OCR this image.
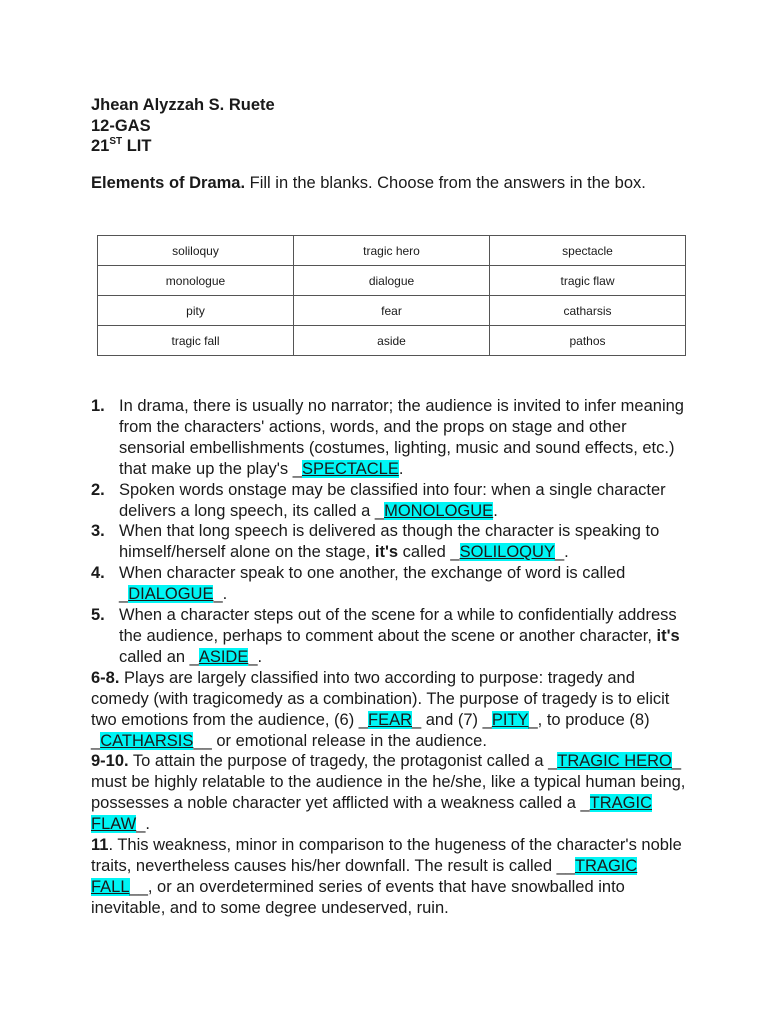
Jhean Alyzzah S. Ruete
12-GAS
21ST LIT
Elements of Drama. Fill in the blanks. Choose from the answers in the box.
soliloquy	tragic hero	spectacle
monologue	dialogue	tragic flaw
pity	fear	catharsis
tragic fall	aside	pathos
1. In drama, there is usually no narrator; the audience is invited to infer meaning from the characters' actions, words, and the props on stage and other sensorial embellishments (costumes, lighting, music and sound effects, etc.) that make up the play's _SPECTACLE.
2. Spoken words onstage may be classified into four: when a single character delivers a long speech, its called a _MONOLOGUE.
3. When that long speech is delivered as though the character is speaking to himself/herself alone on the stage, it's called _SOLILOQUY_.
4. When character speak to one another, the exchange of word is called _DIALOGUE_.
5. When a character steps out of the scene for a while to confidentially address the audience, perhaps to comment about the scene or another character, it's called an _ASIDE_.
6-8. Plays are largely classified into two according to purpose: tragedy and comedy (with tragicomedy as a combination). The purpose of tragedy is to elicit two emotions from the audience, (6) _FEAR_ and (7) _PITY_, to produce (8) _CATHARSIS__ or emotional release in the audience.
9-10. To attain the purpose of tragedy, the protagonist called a _TRAGIC HERO_ must be highly relatable to the audience in the he/she, like a typical human being, possesses a noble character yet afflicted with a weakness called a _TRAGIC FLAW_.
11. This weakness, minor in comparison to the hugeness of the character's noble traits, nevertheless causes his/her downfall. The result is called __TRAGIC FALL__, or an overdetermined series of events that have snowballed into inevitable, and to some degree undeserved, ruin.
